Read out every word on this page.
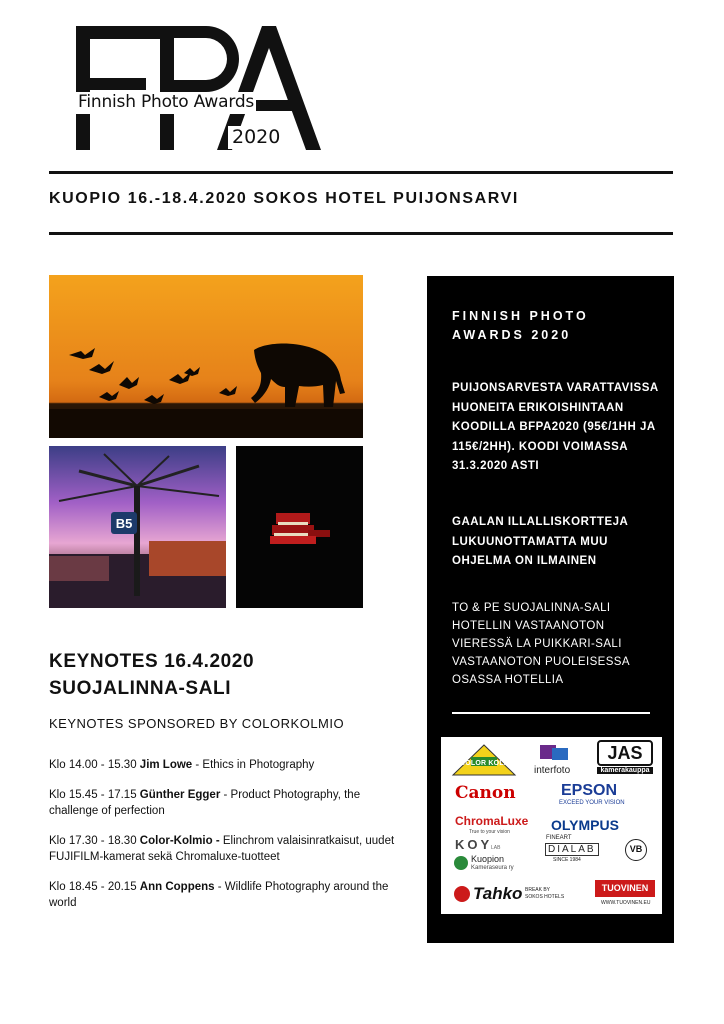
Finnish Photo Awards
2020
KUOPIO 16.-18.4.2020 SOKOS HOTEL PUIJONSARVI
B5
KEYNOTES 16.4.2020
SUOJALINNA-SALI
KEYNOTES SPONSORED BY COLORKOLMIO
Klo 14.00 - 15.30 Jim Lowe - Ethics in Photography
Klo 15.45 - 17.15 Günther Egger - Product Photography, the challenge of perfection
Klo 17.30 - 18.30 Color-Kolmio - Elinchrom valaisinratkaisut, uudet FUJIFILM-kamerat sekä Chromaluxe-tuotteet
Klo 18.45 - 20.15 Ann Coppens - Wildlife Photography around the world
FINNISH PHOTO AWARDS 2020
PUIJONSARVESTA VARATTAVISSA HUONEITA ERIKOISHINTAAN KOODILLA BFPA2020 (95€/1HH JA 115€/2HH). KOODI VOIMASSA 31.3.2020 ASTI
GAALAN ILLALLISKORTTEJA LUKUUNOTTAMATTA MUU OHJELMA ON ILMAINEN
TO & PE SUOJALINNA-SALI HOTELLIN VASTAANOTON VIERESSÄ LA PUIKKARI-SALI VASTAANOTON PUOLEISESSA OSASSA HOTELLIA
COLOR KOLMIO
interfoto
JAS
kamerakauppa
Canon	EPSON
EXCEED YOUR VISION
ChromaLuxe
True to your vision	OLYMPUS
KOY
LAB
FINEART
DIALAB
SINCE 1984
VB
Kuopion
Kameraseura ry
Tahko BREAK BY SOKOS HOTELS
TUOVINEN
WWW.TUOVINEN.EU
